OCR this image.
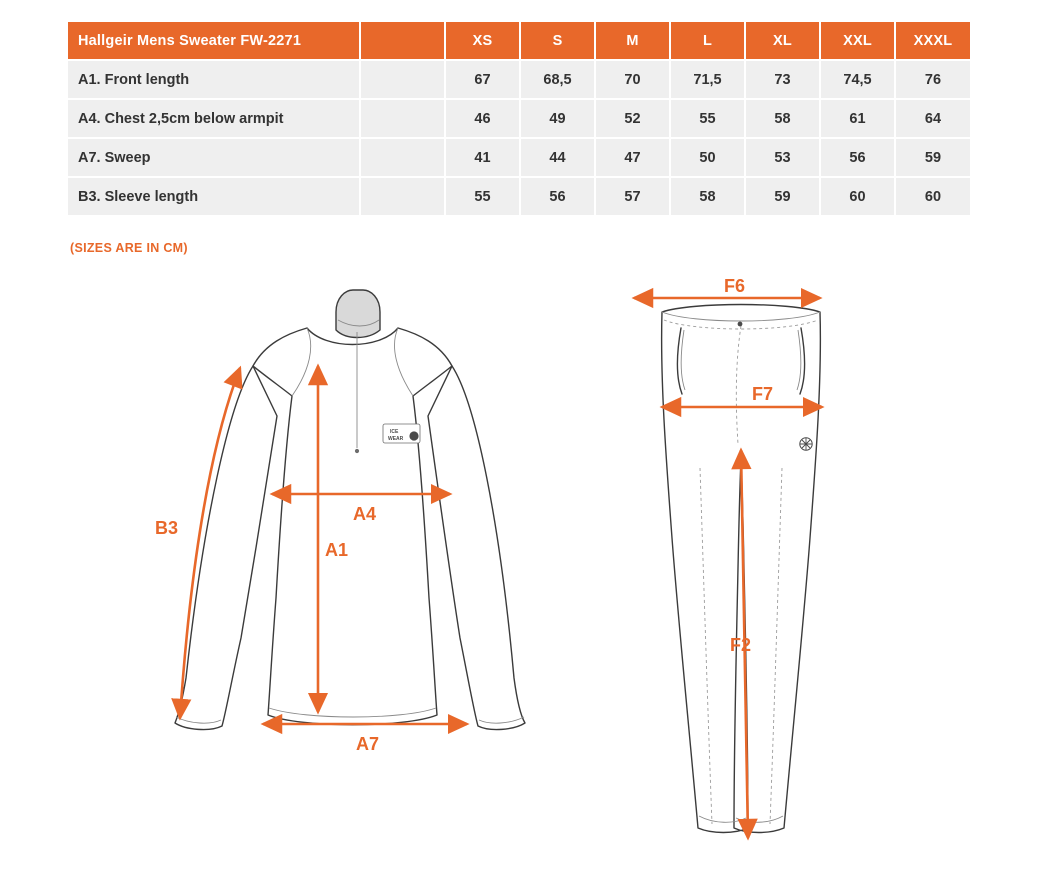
Hallgeir Mens Sweater FW-2271		XS	S	M	L	XL	XXL	XXXL
A1. Front length		67	68,5	70	71,5	73	74,5	76
A4. Chest 2,5cm below armpit		46	49	52	55	58	61	64
A7. Sweep		41	44	47	50	53	56	59
B3. Sleeve length		55	56	57	58	59	60	60
(SIZES ARE IN CM)
ICE
WEAR
B3
A4
A1
A7
F6
F7
F2
